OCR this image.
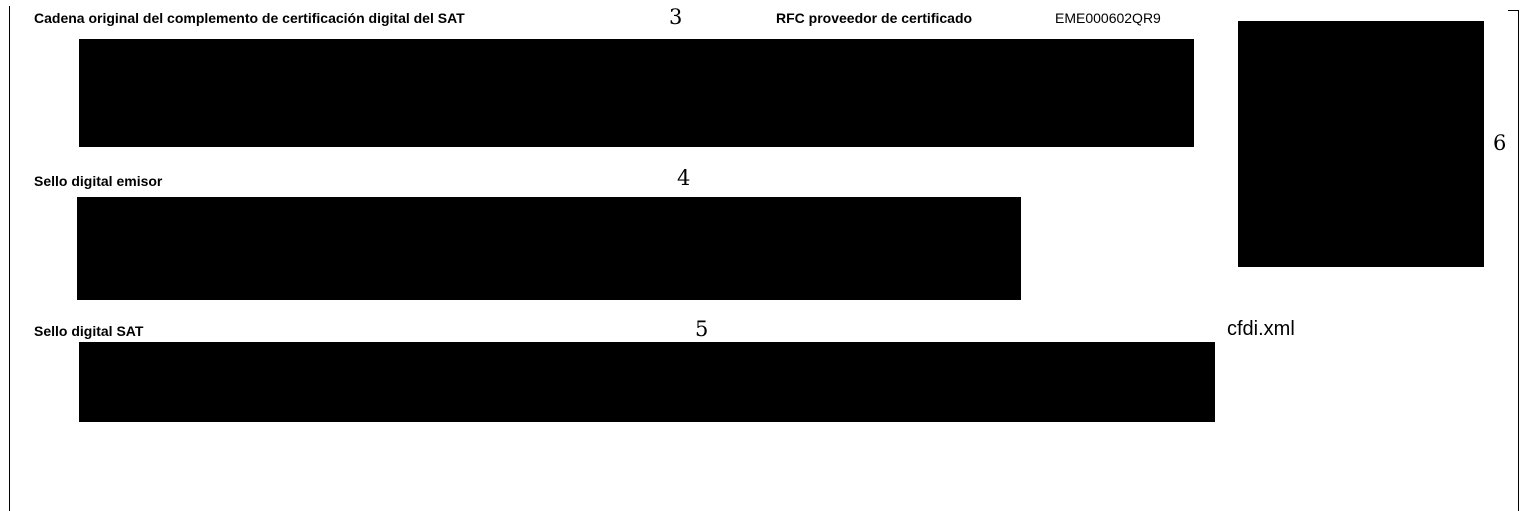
Cadena original del complemento de certificación digital del SAT	3	RFC proveedor de certificado	EME000602QR9
Sello digital emisor	4
Sello digital SAT	5
6
cfdi.xml
